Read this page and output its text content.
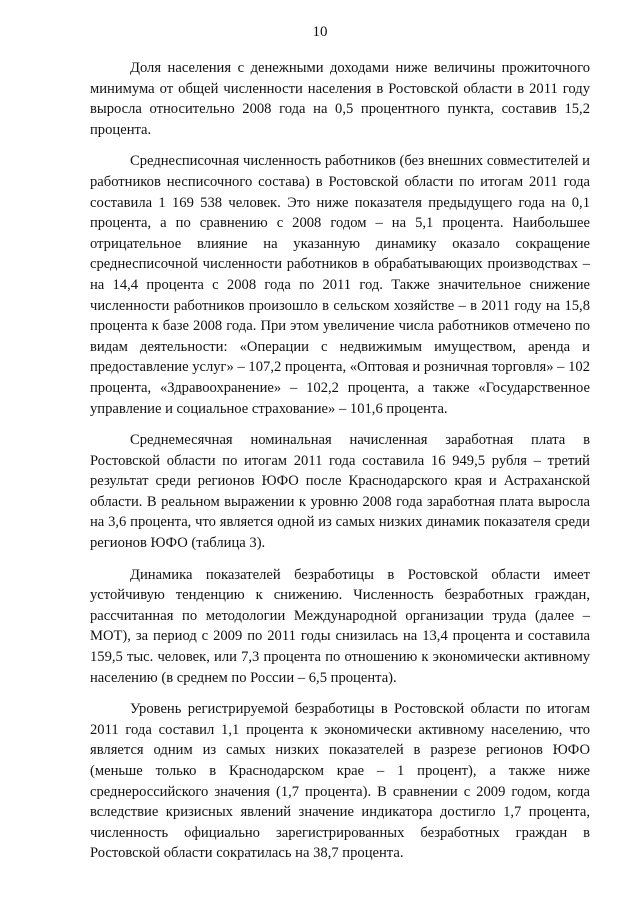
10

Доля населения с денежными доходами ниже величины прожиточного минимума от общей численности населения в Ростовской области в 2011 году выросла относительно 2008 года на 0,5 процентного пункта, составив 15,2 процента.

Среднесписочная численность работников (без внешних совместителей и работников несписочного состава) в Ростовской области по итогам 2011 года составила 1 169 538 человек. Это ниже показателя предыдущего года на 0,1 процента, а по сравнению с 2008 годом – на 5,1 процента. Наибольшее отрицательное влияние на указанную динамику оказало сокращение среднесписочной численности работников в обрабатывающих производствах – на 14,4 процента с 2008 года по 2011 год. Также значительное снижение численности работников произошло в сельском хозяйстве – в 2011 году на 15,8 процента к базе 2008 года. При этом увеличение числа работников отмечено по видам деятельности: «Операции с недвижимым имуществом, аренда и предоставление услуг» – 107,2 процента, «Оптовая и розничная торговля» – 102 процента, «Здравоохранение» – 102,2 процента, а также «Государственное управление и социальное страхование» – 101,6 процента.

Среднемесячная номинальная начисленная заработная плата в Ростовской области по итогам 2011 года составила 16 949,5 рубля – третий результат среди регионов ЮФО после Краснодарского края и Астраханской области. В реальном выражении к уровню 2008 года заработная плата выросла на 3,6 процента, что является одной из самых низких динамик показателя среди регионов ЮФО (таблица 3).

Динамика показателей безработицы в Ростовской области имеет устойчивую тенденцию к снижению. Численность безработных граждан, рассчитанная по методологии Международной организации труда (далее – МОТ), за период с 2009 по 2011 годы снизилась на 13,4 процента и составила 159,5 тыс. человек, или 7,3 процента по отношению к экономически активному населению (в среднем по России – 6,5 процента).

Уровень регистрируемой безработицы в Ростовской области по итогам 2011 года составил 1,1 процента к экономически активному населению, что является одним из самых низких показателей в разрезе регионов ЮФО (меньше только в Краснодарском крае – 1 процент), а также ниже среднероссийского значения (1,7 процента). В сравнении с 2009 годом, когда вследствие кризисных явлений значение индикатора достигло 1,7 процента, численность официально зарегистрированных безработных граждан в Ростовской области сократилась на 38,7 процента.
